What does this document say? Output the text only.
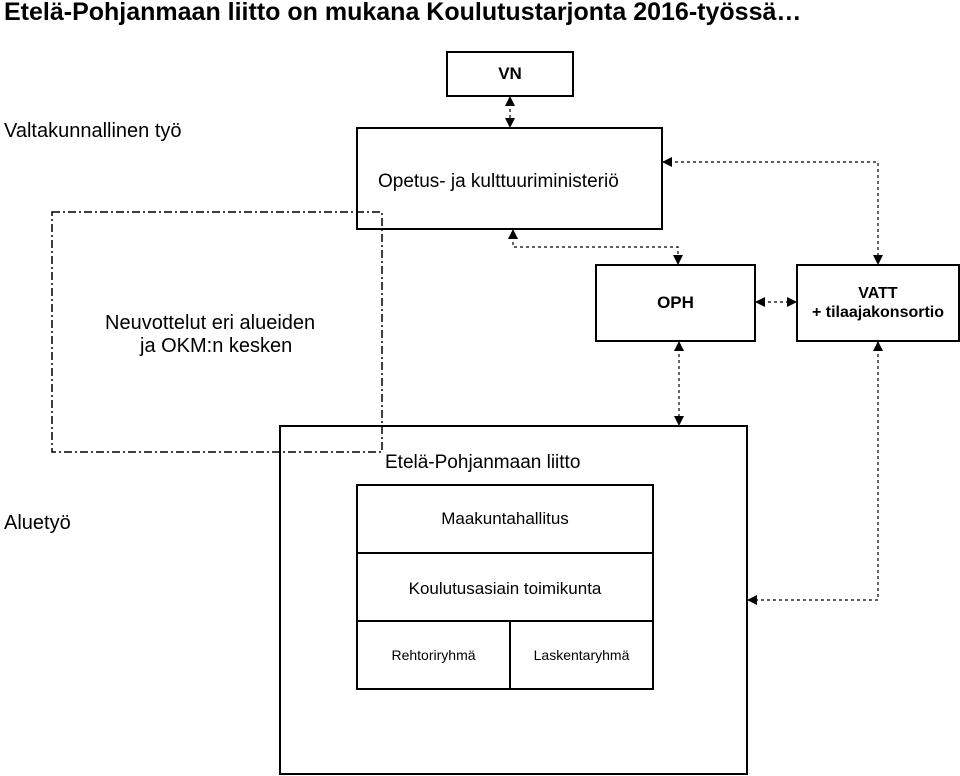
Etelä-Pohjanmaan liitto on mukana Koulutustarjonta 2016-työssä…
Valtakunnallinen työ
Aluetyö
VN
Opetus- ja kulttuuriministeriö
Neuvottelut eri alueiden
ja OKM:n kesken
OPH	VATT
+ tilaajakonsortio
Etelä-Pohjanmaan liitto
Maakuntahallitus
Koulutusasiain toimikunta
Rehtoriryhmä	Laskentaryhmä
